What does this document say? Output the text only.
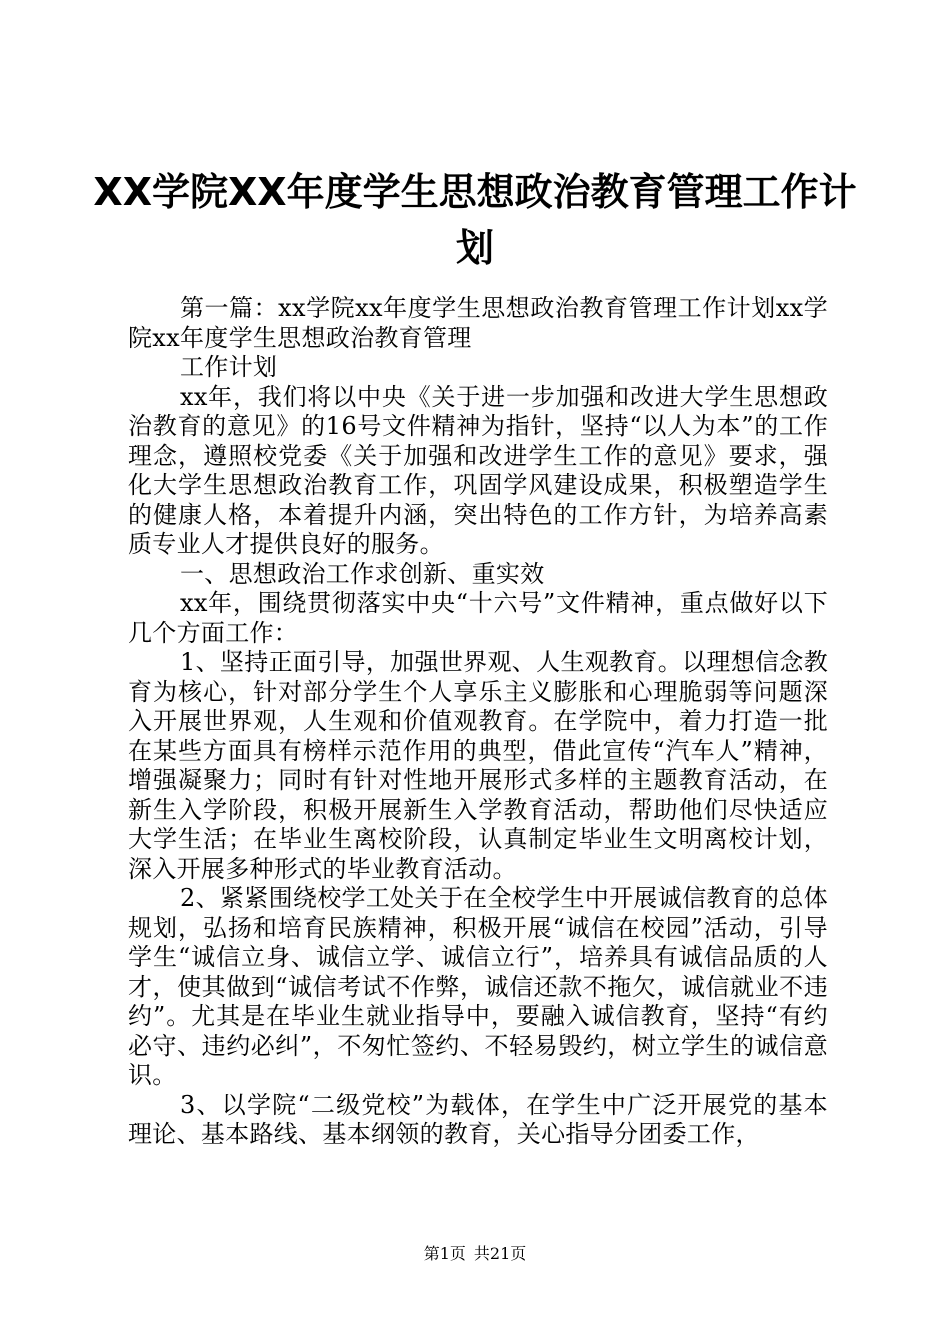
XX学院XX年度学生思想政治教育管理工作计
划

第一篇：xx学院xx年度学生思想政治教育管理工作计划xx学院xx年度学生思想政治教育管理

工作计划

xx年，我们将以中央《关于进一步加强和改进大学生思想政治教育的意见》的16号文件精神为指针，坚持“以人为本”的工作理念，遵照校党委《关于加强和改进学生工作的意见》要求，强化大学生思想政治教育工作，巩固学风建设成果，积极塑造学生的健康人格，本着提升内涵，突出特色的工作方针，为培养高素质专业人才提供良好的服务。

一、思想政治工作求创新、重实效

xx年，围绕贯彻落实中央“十六号”文件精神，重点做好以下几个方面工作：

1、坚持正面引导，加强世界观、人生观教育。以理想信念教育为核心，针对部分学生个人享乐主义膨胀和心理脆弱等问题深入开展世界观，人生观和价值观教育。在学院中，着力打造一批在某些方面具有榜样示范作用的典型，借此宣传“汽车人”精神，增强凝聚力；同时有针对性地开展形式多样的主题教育活动，在新生入学阶段，积极开展新生入学教育活动，帮助他们尽快适应大学生活；在毕业生离校阶段，认真制定毕业生文明离校计划，深入开展多种形式的毕业教育活动。

2、紧紧围绕校学工处关于在全校学生中开展诚信教育的总体规划，弘扬和培育民族精神，积极开展“诚信在校园”活动，引导学生“诚信立身、诚信立学、诚信立行”，培养具有诚信品质的人才，使其做到“诚信考试不作弊，诚信还款不拖欠，诚信就业不违约”。尤其是在毕业生就业指导中，要融入诚信教育，坚持“有约必守、违约必纠”，不匆忙签约、不轻易毁约，树立学生的诚信意识。

3、以学院“二级党校”为载体，在学生中广泛开展党的基本理论、基本路线、基本纲领的教育，关心指导分团委工作，

第1页 共21页
